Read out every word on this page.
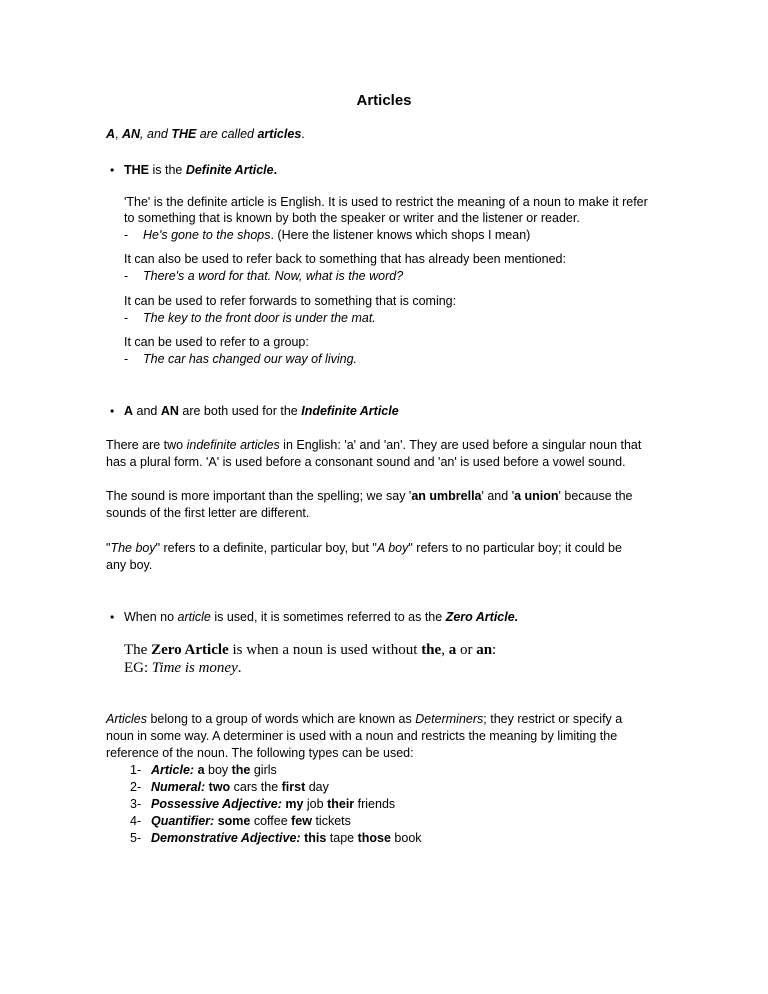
Articles
A, AN, and THE are called articles.
• THE is the Definite Article.
'The' is the definite article is English. It is used to restrict the meaning of a noun to make it refer
to something that is known by both the speaker or writer and the listener or reader.
- He's gone to the shops. (Here the listener knows which shops I mean)
It can also be used to refer back to something that has already been mentioned:
- There's a word for that. Now, what is the word?
It can be used to refer forwards to something that is coming:
- The key to the front door is under the mat.
It can be used to refer to a group:
- The car has changed our way of living.
• A and AN are both used for the Indefinite Article
There are two indefinite articles in English: 'a' and 'an'. They are used before a singular noun that
has a plural form. 'A' is used before a consonant sound and 'an' is used before a vowel sound.
The sound is more important than the spelling; we say 'an umbrella' and 'a union' because the
sounds of the first letter are different.
"The boy" refers to a definite, particular boy, but "A boy" refers to no particular boy; it could be
any boy.
• When no article is used, it is sometimes referred to as the Zero Article.
The Zero Article is when a noun is used without the, a or an:
EG: Time is money.
Articles belong to a group of words which are known as Determiners; they restrict or specify a
noun in some way. A determiner is used with a noun and restricts the meaning by limiting the
reference of the noun. The following types can be used:
1- Article: a boy the girls
2- Numeral: two cars the first day
3- Possessive Adjective: my job their friends
4- Quantifier: some coffee few tickets
5- Demonstrative Adjective: this tape those book
